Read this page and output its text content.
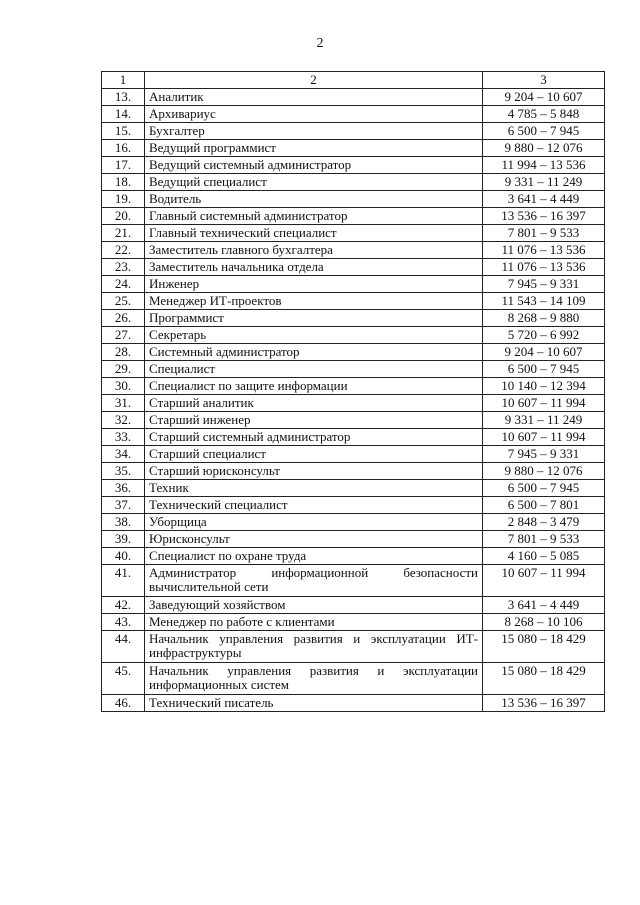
2
1	2	3
13.	Аналитик	9 204 – 10 607
14.	Архивариус	4 785 – 5 848
15.	Бухгалтер	6 500 – 7 945
16.	Ведущий программист	9 880 – 12 076
17.	Ведущий системный администратор	11 994 – 13 536
18.	Ведущий специалист	9 331 – 11 249
19.	Водитель	3 641 – 4 449
20.	Главный системный администратор	13 536 – 16 397
21.	Главный технический специалист	7 801 – 9 533
22.	Заместитель главного бухгалтера	11 076 – 13 536
23.	Заместитель начальника отдела	11 076 – 13 536
24.	Инженер	7 945 – 9 331
25.	Менеджер ИТ-проектов	11 543 – 14 109
26.	Программист	8 268 – 9 880
27.	Секретарь	5 720 – 6 992
28.	Системный администратор	9 204 – 10 607
29.	Специалист	6 500 – 7 945
30.	Специалист по защите информации	10 140 – 12 394
31.	Старший аналитик	10 607 – 11 994
32.	Старший инженер	9 331 – 11 249
33.	Старший системный администратор	10 607 – 11 994
34.	Старший специалист	7 945 – 9 331
35.	Старший юрисконсульт	9 880 – 12 076
36.	Техник	6 500 – 7 945
37.	Технический специалист	6 500 – 7 801
38.	Уборщица	2 848 – 3 479
39.	Юрисконсульт	7 801 – 9 533
40.	Специалист по охране труда	4 160 – 5 085
41.	Администратор информационной безопасности вычислительной сети	10 607 – 11 994
42.	Заведующий хозяйством	3 641 – 4 449
43.	Менеджер по работе с клиентами	8 268 – 10 106
44.	Начальник управления развития и эксплуатации ИТ-инфраструктуры	15 080 – 18 429
45.	Начальник управления развития и эксплуатации информационных систем	15 080 – 18 429
46.	Технический писатель	13 536 – 16 397
